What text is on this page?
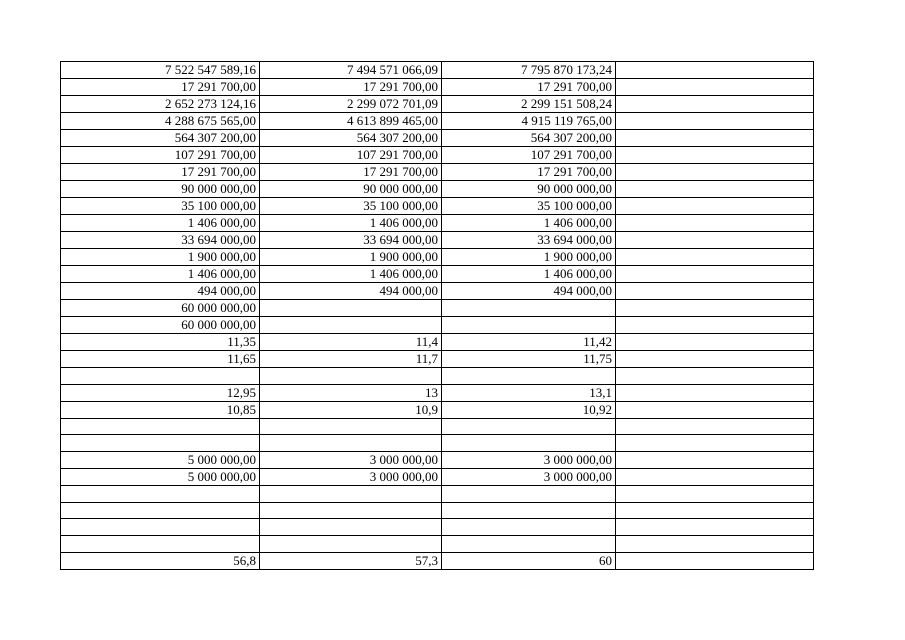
7 522 547 589,16	7 494 571 066,09	7 795 870 173,24	
17 291 700,00	17 291 700,00	17 291 700,00	
2 652 273 124,16	2 299 072 701,09	2 299 151 508,24	
4 288 675 565,00	4 613 899 465,00	4 915 119 765,00	
564 307 200,00	564 307 200,00	564 307 200,00	
107 291 700,00	107 291 700,00	107 291 700,00	
17 291 700,00	17 291 700,00	17 291 700,00	
90 000 000,00	90 000 000,00	90 000 000,00	
35 100 000,00	35 100 000,00	35 100 000,00	
1 406 000,00	1 406 000,00	1 406 000,00	
33 694 000,00	33 694 000,00	33 694 000,00	
1 900 000,00	1 900 000,00	1 900 000,00	
1 406 000,00	1 406 000,00	1 406 000,00	
494 000,00	494 000,00	494 000,00	
60 000 000,00			
60 000 000,00			
11,35	11,4	11,42	
11,65	11,7	11,75	

12,95	13	13,1	
10,85	10,9	10,92	

5 000 000,00	3 000 000,00	3 000 000,00	
5 000 000,00	3 000 000,00	3 000 000,00	

56,8	57,3	60	
